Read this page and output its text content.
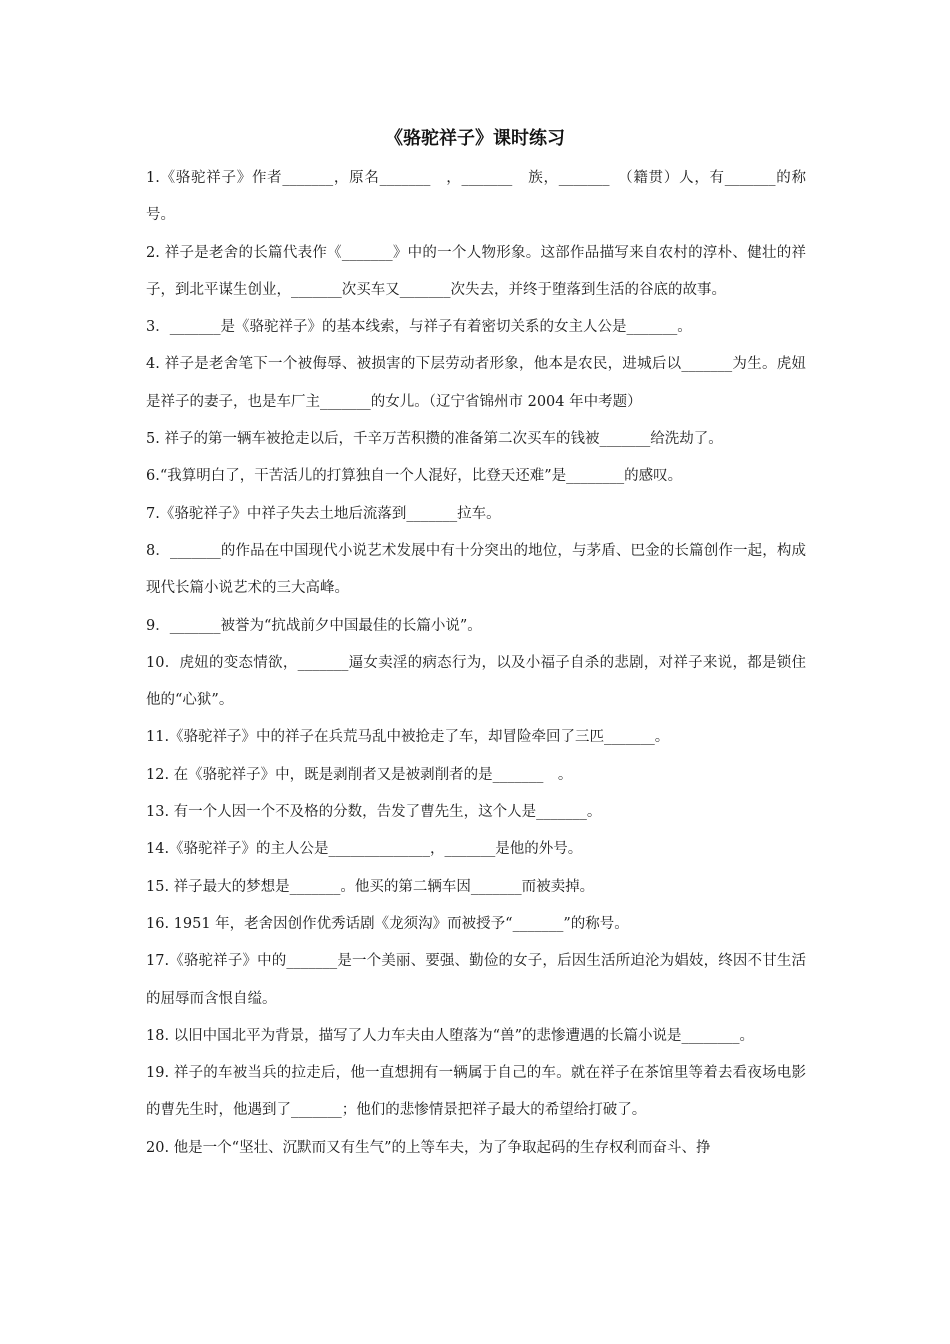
《骆驼祥子》课时练习

1.《骆驼祥子》作者_______，原名_______　，_______　族，_______　（籍贯）人，有_______的称号。

2. 祥子是老舍的长篇代表作《_______》中的一个人物形象。这部作品描写来自农村的淳朴、健壮的祥子，到北平谋生创业，_______次买车又_______次失去，并终于堕落到生活的谷底的故事。

3．_______是《骆驼祥子》的基本线索，与祥子有着密切关系的女主人公是_______。

4. 祥子是老舍笔下一个被侮辱、被损害的下层劳动者形象，他本是农民，进城后以_______为生。虎妞是祥子的妻子，也是车厂主_______的女儿。（辽宁省锦州市 2004 年中考题）

5. 祥子的第一辆车被抢走以后，千辛万苦积攒的准备第二次买车的钱被_______给洗劫了。

6.“我算明白了，干苦活儿的打算独自一个人混好，比登天还难”是________的感叹。

7.《骆驼祥子》中祥子失去土地后流落到_______拉车。

8．_______的作品在中国现代小说艺术发展中有十分突出的地位，与茅盾、巴金的长篇创作一起，构成现代长篇小说艺术的三大高峰。

9．_______被誉为“抗战前夕中国最佳的长篇小说”。

10．虎妞的变态情欲，_______逼女卖淫的病态行为，以及小福子自杀的悲剧，对祥子来说，都是锁住他的“心狱”。

11.《骆驼祥子》中的祥子在兵荒马乱中被抢走了车，却冒险牵回了三匹_______。

12. 在《骆驼祥子》中，既是剥削者又是被剥削者的是_______　。

13. 有一个人因一个不及格的分数，告发了曹先生，这个人是_______。

14.《骆驼祥子》的主人公是______________，_______是他的外号。

15. 祥子最大的梦想是_______。他买的第二辆车因_______而被卖掉。

16. 1951 年，老舍因创作优秀话剧《龙须沟》而被授予“_______”的称号。

17.《骆驼祥子》中的_______是一个美丽、要强、勤俭的女子，后因生活所迫沦为娼妓，终因不甘生活的屈辱而含恨自缢。

18. 以旧中国北平为背景，描写了人力车夫由人堕落为“兽”的悲惨遭遇的长篇小说是________。

19. 祥子的车被当兵的拉走后，他一直想拥有一辆属于自己的车。就在祥子在茶馆里等着去看夜场电影的曹先生时，他遇到了_______；他们的悲惨情景把祥子最大的希望给打破了。

20. 他是一个“坚壮、沉默而又有生气”的上等车夫，为了争取起码的生存权利而奋斗、挣
